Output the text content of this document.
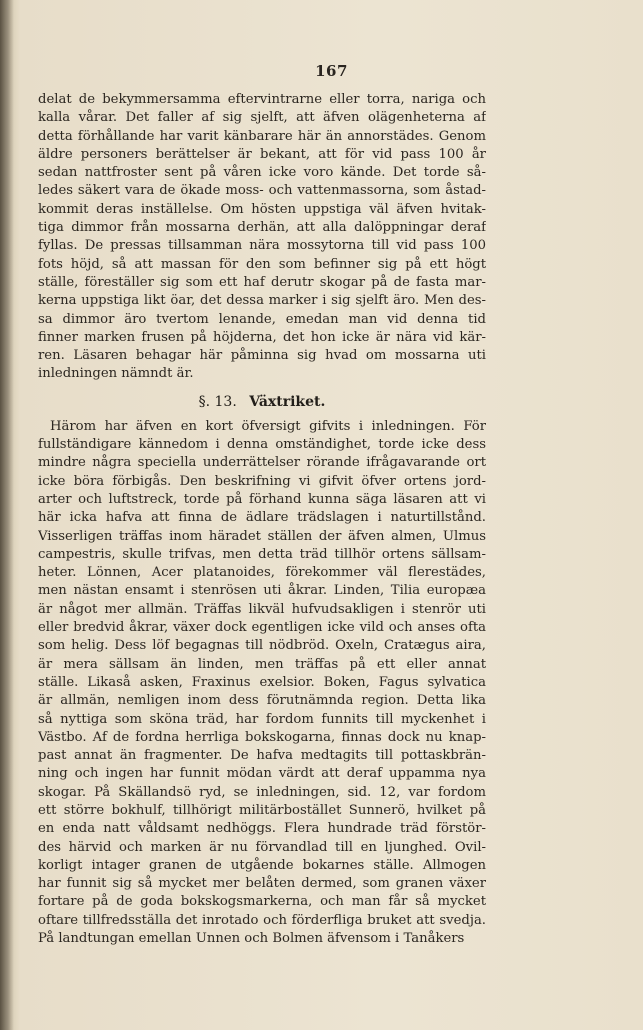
167
delat de bekymmersamma eftervintrarne eller torra, nariga och
kalla vårar. Det faller af sig sjelft, att äfven olägenheterna af
detta förhållande har varit känbarare här än annorstädes. Genom
äldre personers berättelser är bekant, att för vid pass 100 år
sedan nattfroster sent på våren icke voro kände. Det torde så-
ledes säkert vara de ökade moss- och vattenmassorna, som åstad-
kommit deras inställelse. Om hösten uppstiga väl äfven hvitak-
tiga dimmor från mossarna derhän, att alla dalöppningar deraf
fyllas. De pressas tillsamman nära mossytorna till vid pass 100
fots höjd, så att massan för den som befinner sig på ett högt
ställe, föreställer sig som ett haf derutr skogar på de fasta mar-
kerna uppstiga likt öar, det dessa marker i sig sjelft äro. Men des-
sa dimmor äro tvertom lenande, emedan man vid denna tid
finner marken frusen på höjderna, det hon icke är nära vid kär-
ren. Läsaren behagar här påminna sig hvad om mossarna uti
inledningen nämndt är.
§. 13. Växtriket.
Härom har äfven en kort öfversigt gifvits i inledningen. För
fullständigare kännedom i denna omständighet, torde icke dess
mindre några speciella underrättelser rörande ifrågavarande ort
icke böra förbigås. Den beskrifning vi gifvit öfver ortens jord-
arter och luftstreck, torde på förhand kunna säga läsaren att vi
här icka hafva att finna de ädlare trädslagen i naturtillstånd.
Visserligen träffas inom häradet ställen der äfven almen, Ulmus
campestris, skulle trifvas, men detta träd tillhör ortens sällsam-
heter. Lönnen, Acer platanoides, förekommer väl flerestädes,
men nästan ensamt i stenrösen uti åkrar. Linden, Tilia europæa
är något mer allmän. Träffas likväl hufvudsakligen i stenrör uti
eller bredvid åkrar, växer dock egentligen icke vild och anses ofta
som helig. Dess löf begagnas till nödbröd. Oxeln, Cratægus aira,
är mera sällsam än linden, men träffas på ett eller annat
ställe. Likaså asken, Fraxinus exelsior. Boken, Fagus sylvatica
är allmän, nemligen inom dess förutnämnda region. Detta lika
så nyttiga som sköna träd, har fordom funnits till myckenhet i
Västbo. Af de fordna herrliga bokskogarna, finnas dock nu knap-
past annat än fragmenter. De hafva medtagits till pottaskbrän-
ning och ingen har funnit mödan värdt att deraf uppamma nya
skogar. På Skällandsö ryd, se inledningen, sid. 12, var fordom
ett större bokhulf, tillhörigt militärbostället Sunnerö, hvilket på
en enda natt våldsamt nedhöggs. Flera hundrade träd förstör-
des härvid och marken är nu förvandlad till en ljunghed. Ovil-
korligt intager granen de utgående bokarnes ställe. Allmogen
har funnit sig så mycket mer belåten dermed, som granen växer
fortare på de goda bokskogsmarkerna, och man får så mycket
oftare tillfredsställa det inrotado och förderfliga bruket att svedja.
På landtungan emellan Unnen och Bolmen äfvensom i Tanåkers
